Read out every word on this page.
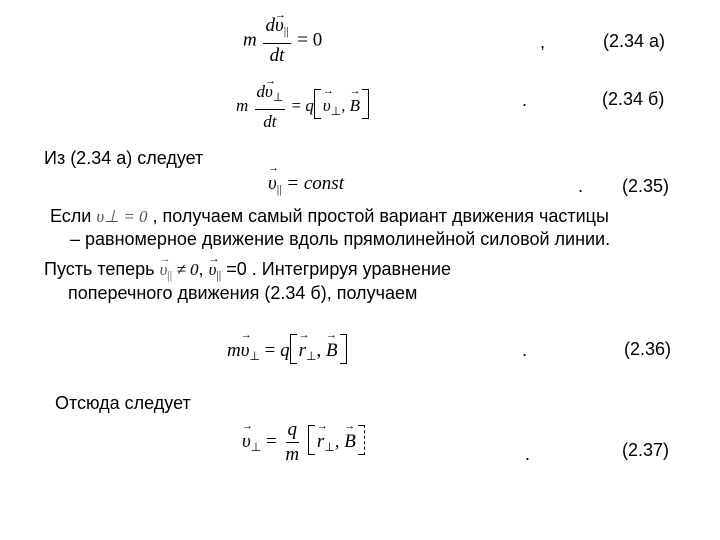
m $\frac{d\to \upsilon_{||}}{dt} = 0$	,	(2.34 а)
m $\frac{d\to \upsilon_\perp}{dt} = q\to \upsilon_\perp$, → B	.	(2.34 б)
Из (2.34 а) следует
→ $\upsilon_{||}$ = const	. (2.35)
Если υ⊥ = 0 , получаем самый простой вариант движения частицы
– равномерное движение вдоль прямолинейной силовой линии.
Пусть теперь → $\upsilon_{||} \ne 0$, → $\upsilon_{||} =0$ . Интегрируя уравнение
поперечного движения (2.34 б), получаем
$m\to \upsilon_\perp = q\to r_\perp$, → B	.	(2.36)
Отсюда следует
→ $\upsilon_\perp = \frac{q}{m}$
→ $r_\perp$, → B
.	(2.37)
